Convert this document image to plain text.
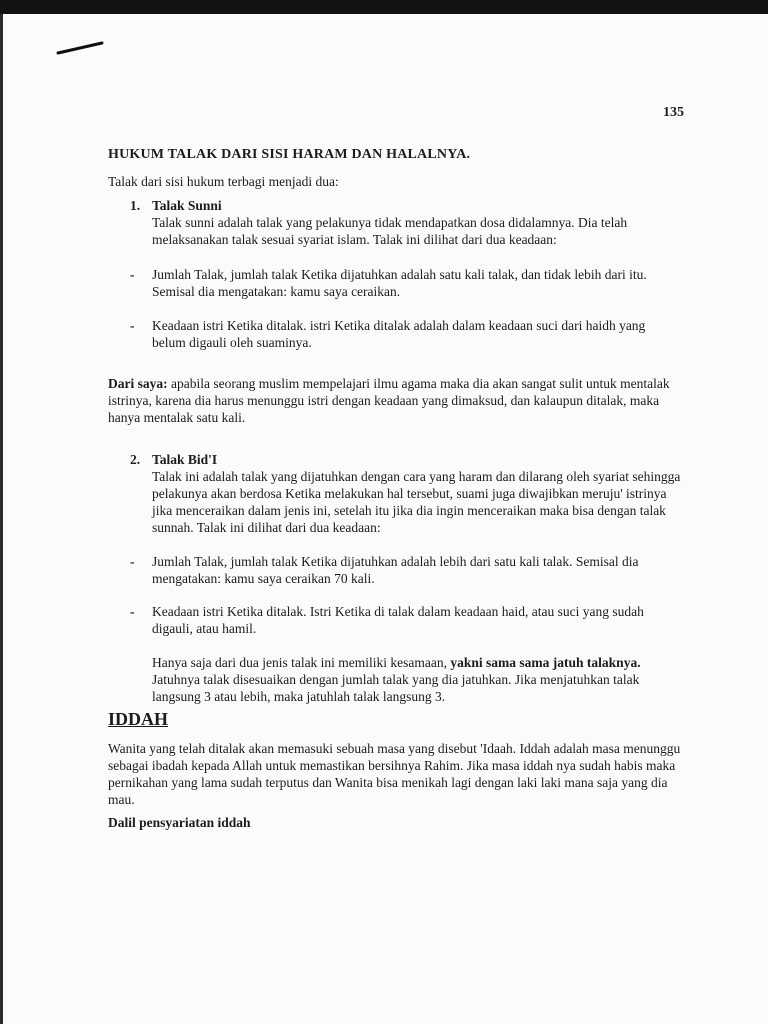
135
HUKUM TALAK DARI SISI HARAM DAN HALALNYA.
Talak dari sisi hukum terbagi menjadi dua:
1. Talak Sunni
Talak sunni adalah talak yang pelakunya tidak mendapatkan dosa didalamnya. Dia telah melaksanakan talak sesuai syariat islam. Talak ini dilihat dari dua keadaan:
- Jumlah Talak, jumlah talak Ketika dijatuhkan adalah satu kali talak, dan tidak lebih dari itu. Semisal dia mengatakan: kamu saya ceraikan.
- Keadaan istri Ketika ditalak. istri Ketika ditalak adalah dalam keadaan suci dari haidh yang belum digauli oleh suaminya.
Dari saya: apabila seorang muslim mempelajari ilmu agama maka dia akan sangat sulit untuk mentalak istrinya, karena dia harus menunggu istri dengan keadaan yang dimaksud, dan kalaupun ditalak, maka hanya mentalak satu kali.
2. Talak Bid'I
Talak ini adalah talak yang dijatuhkan dengan cara yang haram dan dilarang oleh syariat sehingga pelakunya akan berdosa Ketika melakukan hal tersebut, suami juga diwajibkan meruju' istrinya jika menceraikan dalam jenis ini, setelah itu jika dia ingin menceraikan maka bisa dengan talak sunnah. Talak ini dilihat dari dua keadaan:
- Jumlah Talak, jumlah talak Ketika dijatuhkan adalah lebih dari satu kali talak. Semisal dia mengatakan: kamu saya ceraikan 70 kali.
- Keadaan istri Ketika ditalak. Istri Ketika di talak dalam keadaan haid, atau suci yang sudah digauli, atau hamil.
Hanya saja dari dua jenis talak ini memiliki kesamaan, yakni sama sama jatuh talaknya. Jatuhnya talak disesuaikan dengan jumlah talak yang dia jatuhkan. Jika menjatuhkan talak langsung 3 atau lebih, maka jatuhlah talak langsung 3.
IDDAH
Wanita yang telah ditalak akan memasuki sebuah masa yang disebut 'Idaah. Iddah adalah masa menunggu sebagai ibadah kepada Allah untuk memastikan bersihnya Rahim. Jika masa iddah nya sudah habis maka pernikahan yang lama sudah terputus dan Wanita bisa menikah lagi dengan laki laki mana saja yang dia mau.
Dalil pensyariatan iddah
